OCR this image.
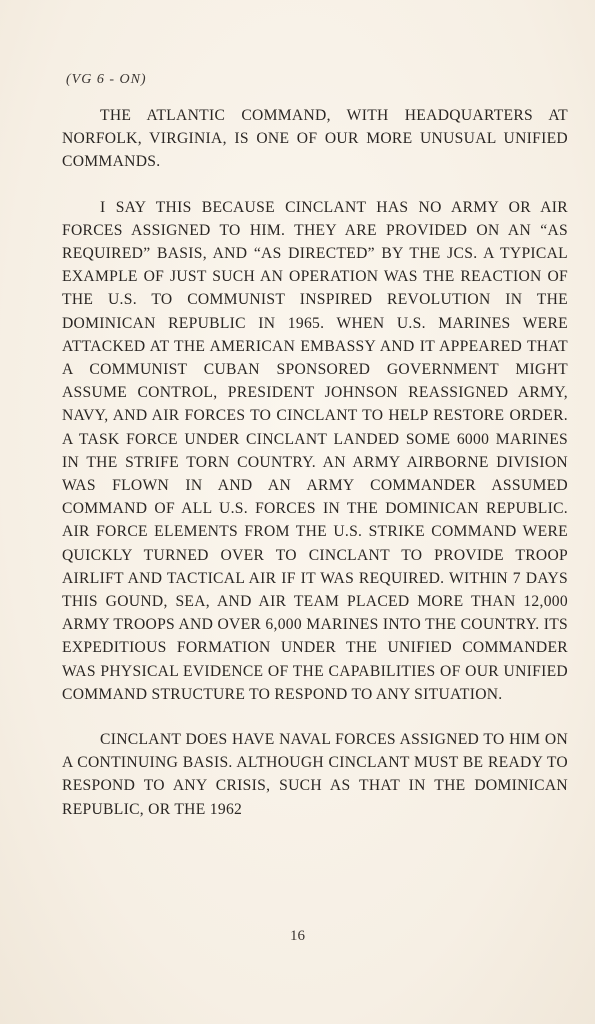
(VG 6 - ON)

THE ATLANTIC COMMAND, WITH HEADQUARTERS AT NORFOLK, VIRGINIA, IS ONE OF OUR MORE UNUSUAL UNIFIED COMMANDS.

I SAY THIS BECAUSE CINCLANT HAS NO ARMY OR AIR FORCES ASSIGNED TO HIM. THEY ARE PROVIDED ON AN “AS REQUIRED” BASIS, AND “AS DIRECTED” BY THE JCS. A TYPICAL EXAMPLE OF JUST SUCH AN OPERATION WAS THE REACTION OF THE U.S. TO COMMUNIST INSPIRED REVOLUTION IN THE DOMINICAN REPUBLIC IN 1965. WHEN U.S. MARINES WERE ATTACKED AT THE AMERICAN EMBASSY AND IT APPEARED THAT A COMMUNIST CUBAN SPONSORED GOVERNMENT MIGHT ASSUME CONTROL, PRESIDENT JOHNSON REASSIGNED ARMY, NAVY, AND AIR FORCES TO CINCLANT TO HELP RESTORE ORDER. A TASK FORCE UNDER CINCLANT LANDED SOME 6000 MARINES IN THE STRIFE TORN COUNTRY. AN ARMY AIRBORNE DIVISION WAS FLOWN IN AND AN ARMY COMMANDER ASSUMED COMMAND OF ALL U.S. FORCES IN THE DOMINICAN REPUBLIC. AIR FORCE ELEMENTS FROM THE U.S. STRIKE COMMAND WERE QUICKLY TURNED OVER TO CINCLANT TO PROVIDE TROOP AIRLIFT AND TACTICAL AIR IF IT WAS REQUIRED. WITHIN 7 DAYS THIS GOUND, SEA, AND AIR TEAM PLACED MORE THAN 12,000 ARMY TROOPS AND OVER 6,000 MARINES INTO THE COUNTRY. ITS EXPEDITIOUS FORMATION UNDER THE UNIFIED COMMANDER WAS PHYSICAL EVIDENCE OF THE CAPABILITIES OF OUR UNIFIED COMMAND STRUCTURE TO RESPOND TO ANY SITUATION.

CINCLANT DOES HAVE NAVAL FORCES ASSIGNED TO HIM ON A CONTINUING BASIS. ALTHOUGH CINCLANT MUST BE READY TO RESPOND TO ANY CRISIS, SUCH AS THAT IN THE DOMINICAN REPUBLIC, OR THE 1962

16
